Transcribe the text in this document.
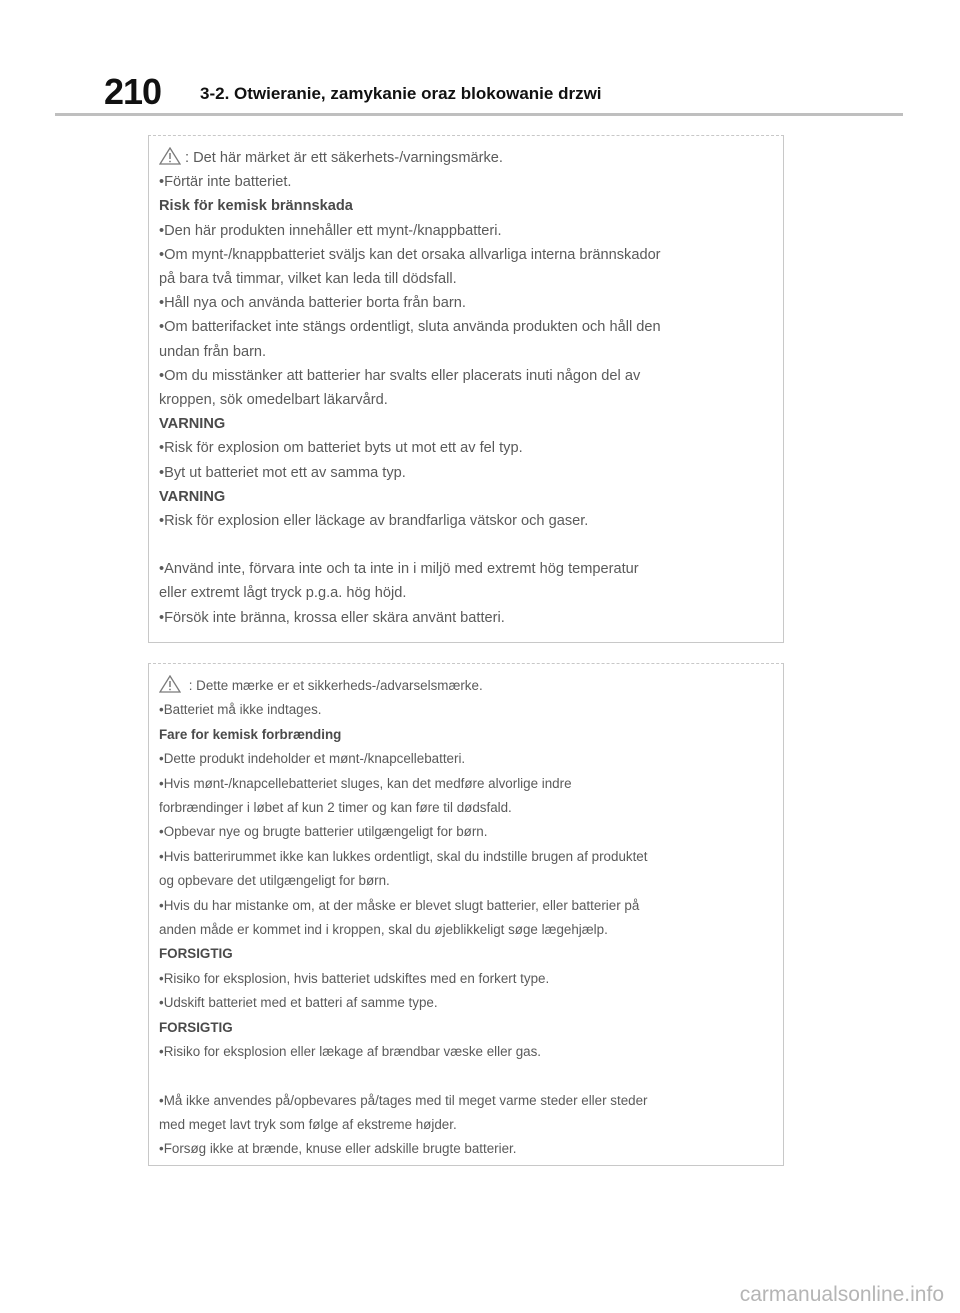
210 3-2. Otwieranie, zamykanie oraz blokowanie drzwi
: Det här märket är ett säkerhets-/varningsmärke.
•Förtär inte batteriet.
Risk för kemisk brännskada
•Den här produkten innehåller ett mynt-/knappbatteri.
•Om mynt-/knappbatteriet sväljs kan det orsaka allvarliga interna brännskador
på bara två timmar, vilket kan leda till dödsfall.
•Håll nya och använda batterier borta från barn.
•Om batterifacket inte stängs ordentligt, sluta använda produkten och håll den
undan från barn.
•Om du misstänker att batterier har svalts eller placerats inuti någon del av
kroppen, sök omedelbart läkarvård.
VARNING
•Risk för explosion om batteriet byts ut mot ett av fel typ.
•Byt ut batteriet mot ett av samma typ.
VARNING
•Risk för explosion eller läckage av brandfarliga vätskor och gaser.
•Använd inte, förvara inte och ta inte in i miljö med extremt hög temperatur
eller extremt lågt tryck p.g.a. hög höjd.
•Försök inte bränna, krossa eller skära använt batteri.
: Dette mærke er et sikkerheds-/advarselsmærke.
•Batteriet må ikke indtages.
Fare for kemisk forbrænding
•Dette produkt indeholder et mønt-/knapcellebatteri.
•Hvis mønt-/knapcellebatteriet sluges, kan det medføre alvorlige indre
forbrændinger i løbet af kun 2 timer og kan føre til dødsfald.
•Opbevar nye og brugte batterier utilgængeligt for børn.
•Hvis batterirummet ikke kan lukkes ordentligt, skal du indstille brugen af produktet
og opbevare det utilgængeligt for børn.
•Hvis du har mistanke om, at der måske er blevet slugt batterier, eller batterier på
anden måde er kommet ind i kroppen, skal du øjeblikkeligt søge lægehjælp.
FORSIGTIG
•Risiko for eksplosion, hvis batteriet udskiftes med en forkert type.
•Udskift batteriet med et batteri af samme type.
FORSIGTIG
•Risiko for eksplosion eller lækage af brændbar væske eller gas.
•Må ikke anvendes på/opbevares på/tages med til meget varme steder eller steder
med meget lavt tryk som følge af ekstreme højder.
•Forsøg ikke at brænde, knuse eller adskille brugte batterier.
carmanualsonline.info
